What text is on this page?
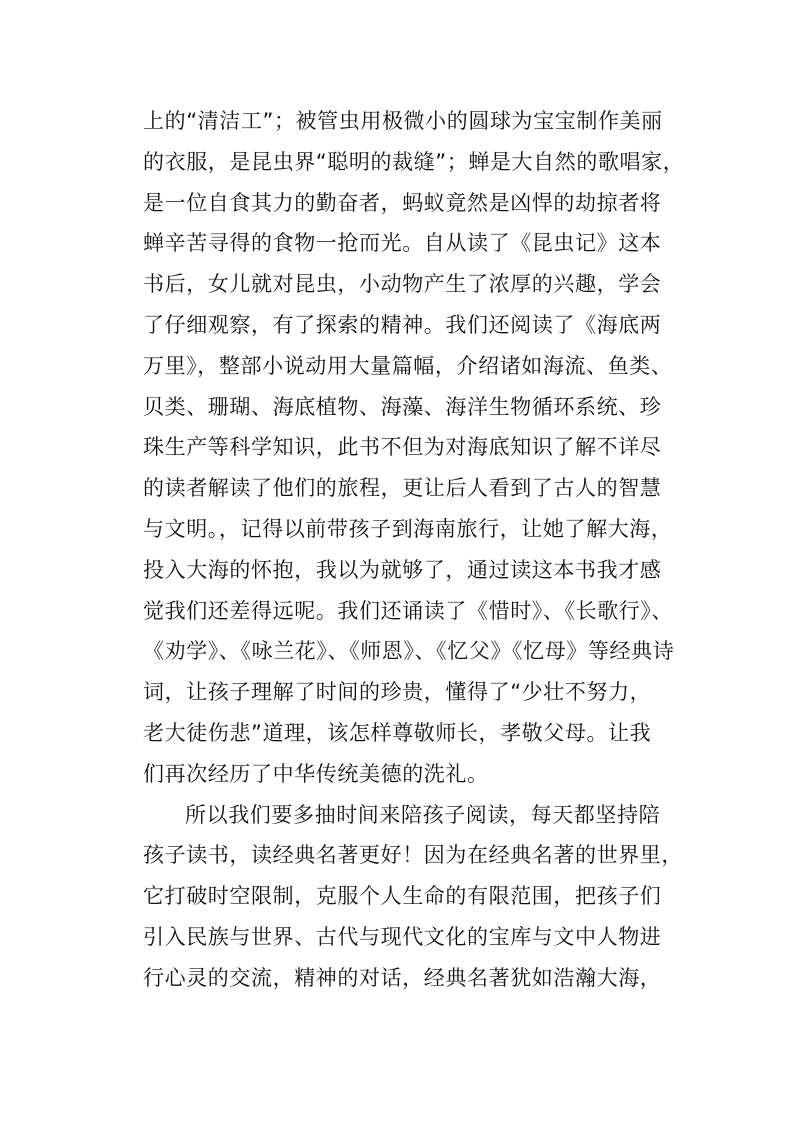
上的“清洁工”；被管虫用极微小的圆球为宝宝制作美丽
的衣服，是昆虫界“聪明的裁缝”；蝉是大自然的歌唱家，
是一位自食其力的勤奋者，蚂蚁竟然是凶悍的劫掠者将
蝉辛苦寻得的食物一抢而光。自从读了《昆虫记》这本
书后，女儿就对昆虫，小动物产生了浓厚的兴趣，学会
了仔细观察，有了探索的精神。我们还阅读了《海底两
万里》，整部小说动用大量篇幅，介绍诸如海流、鱼类、
贝类、珊瑚、海底植物、海藻、海洋生物循环系统、珍
珠生产等科学知识，此书不但为对海底知识了解不详尽
的读者解读了他们的旅程，更让后人看到了古人的智慧
与文明。，记得以前带孩子到海南旅行，让她了解大海，
投入大海的怀抱，我以为就够了，通过读这本书我才感
觉我们还差得远呢。我们还诵读了《惜时》、《长歌行》、
《劝学》、《咏兰花》、《师恩》、《忆父》《忆母》等经典诗
词，让孩子理解了时间的珍贵，懂得了“少壮不努力，
老大徒伤悲”道理，该怎样尊敬师长，孝敬父母。让我
们再次经历了中华传统美德的洗礼。
所以我们要多抽时间来陪孩子阅读，每天都坚持陪
孩子读书，读经典名著更好！因为在经典名著的世界里，
它打破时空限制，克服个人生命的有限范围，把孩子们
引入民族与世界、古代与现代文化的宝库与文中人物进
行心灵的交流，精神的对话，经典名著犹如浩瀚大海，
